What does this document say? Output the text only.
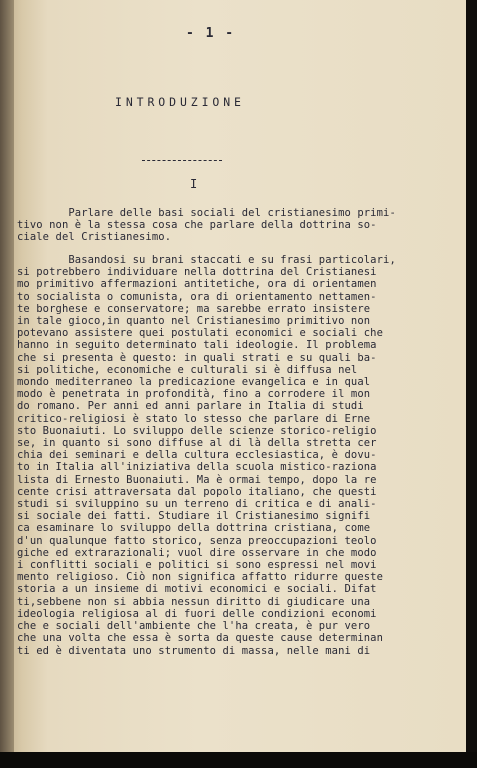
- 1 -
INTRODUZIONE
I
Parlare delle basi sociali del cristianesimo primi-
tivo non è la stessa cosa che parlare della dottrina so-
ciale del Cristianesimo.
Basandosi su brani staccati e su frasi particolari,
si potrebbero individuare nella dottrina del Cristianesi
mo primitivo affermazioni antitetiche, ora di orientamen
to socialista o comunista, ora di orientamento nettamen-
te borghese e conservatore; ma sarebbe errato insistere
in tale gioco,in quanto nel Cristianesimo primitivo non
potevano assistere quei postulati economici e sociali che
hanno in seguito determinato tali ideologie. Il problema
che si presenta è questo: in quali strati e su quali ba-
si politiche, economiche e culturali si è diffusa nel
mondo mediterraneo la predicazione evangelica e in qual
modo è penetrata in profondità, fino a corrodere il mon
do romano. Per anni ed anni parlare in Italia di studi
critico-religiosi è stato lo stesso che parlare di Erne
sto Buonaiuti. Lo sviluppo delle scienze storico-religio
se, in quanto si sono diffuse al di là della stretta cer
chia dei seminari e della cultura ecclesiastica, è dovu-
to in Italia all'iniziativa della scuola mistico-raziona
lista di Ernesto Buonaiuti. Ma è ormai tempo, dopo la re
cente crisi attraversata dal popolo italiano, che questi
studi si sviluppino su un terreno di critica e di anali-
si sociale dei fatti. Studiare il Cristianesimo signifi
ca esaminare lo sviluppo della dottrina cristiana, come
d'un qualunque fatto storico, senza preoccupazioni teolo
giche ed extrarazionali; vuol dire osservare in che modo
i conflitti sociali e politici si sono espressi nel movi
mento religioso. Ciò non significa affatto ridurre queste
storia a un insieme di motivi economici e sociali. Difat
ti,sebbene non si abbia nessun diritto di giudicare una
ideologia religiosa al di fuori delle condizioni economi
che e sociali dell'ambiente che l'ha creata, è pur vero
che una volta che essa è sorta da queste cause determinan
ti ed è diventata uno strumento di massa, nelle mani di
